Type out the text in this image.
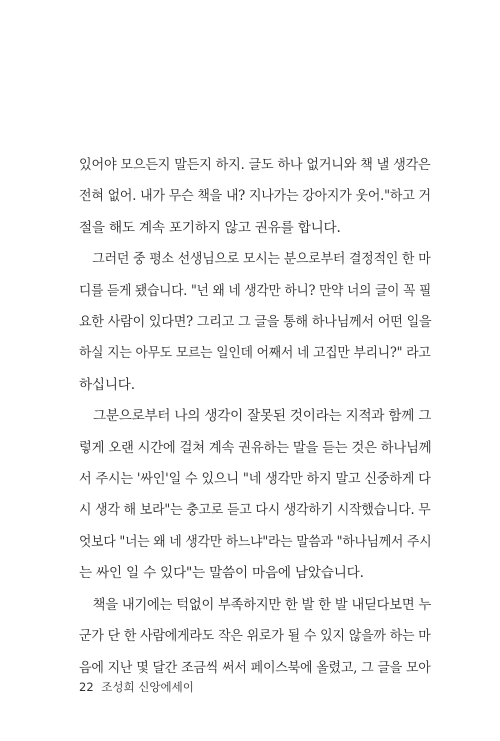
있어야 모으든지 말든지 하지. 글도 하나 없거니와 책 낼 생각은
전혀 없어. 내가 무슨 책을 내? 지나가는 강아지가 웃어."하고 거
절을 해도 계속 포기하지 않고 권유를 합니다.

그러던 중 평소 선생님으로 모시는 분으로부터 결정적인 한 마
디를 듣게 됐습니다. "넌 왜 네 생각만 하니? 만약 너의 글이 꼭 필
요한 사람이 있다면? 그리고 그 글을 통해 하나님께서 어떤 일을
하실 지는 아무도 모르는 일인데 어째서 네 고집만 부리니?" 라고
하십니다.

그분으로부터 나의 생각이 잘못된 것이라는 지적과 함께 그
렇게 오랜 시간에 걸쳐 계속 권유하는 말을 듣는 것은 하나님께
서 주시는 '싸인'일 수 있으니 "네 생각만 하지 말고 신중하게 다
시 생각 해 보라"는 충고로 듣고 다시 생각하기 시작했습니다. 무
엇보다 "너는 왜 네 생각만 하느냐"라는 말씀과 "하나님께서 주시
는 싸인 일 수 있다"는 말씀이 마음에 남았습니다.

책을 내기에는 턱없이 부족하지만 한 발 한 발 내딛다보면 누
군가 단 한 사람에게라도 작은 위로가 될 수 있지 않을까 하는 마
음에 지난 몇 달간 조금씩 써서 페이스북에 올렸고, 그 글을 모아

22 조성희 신앙에세이
